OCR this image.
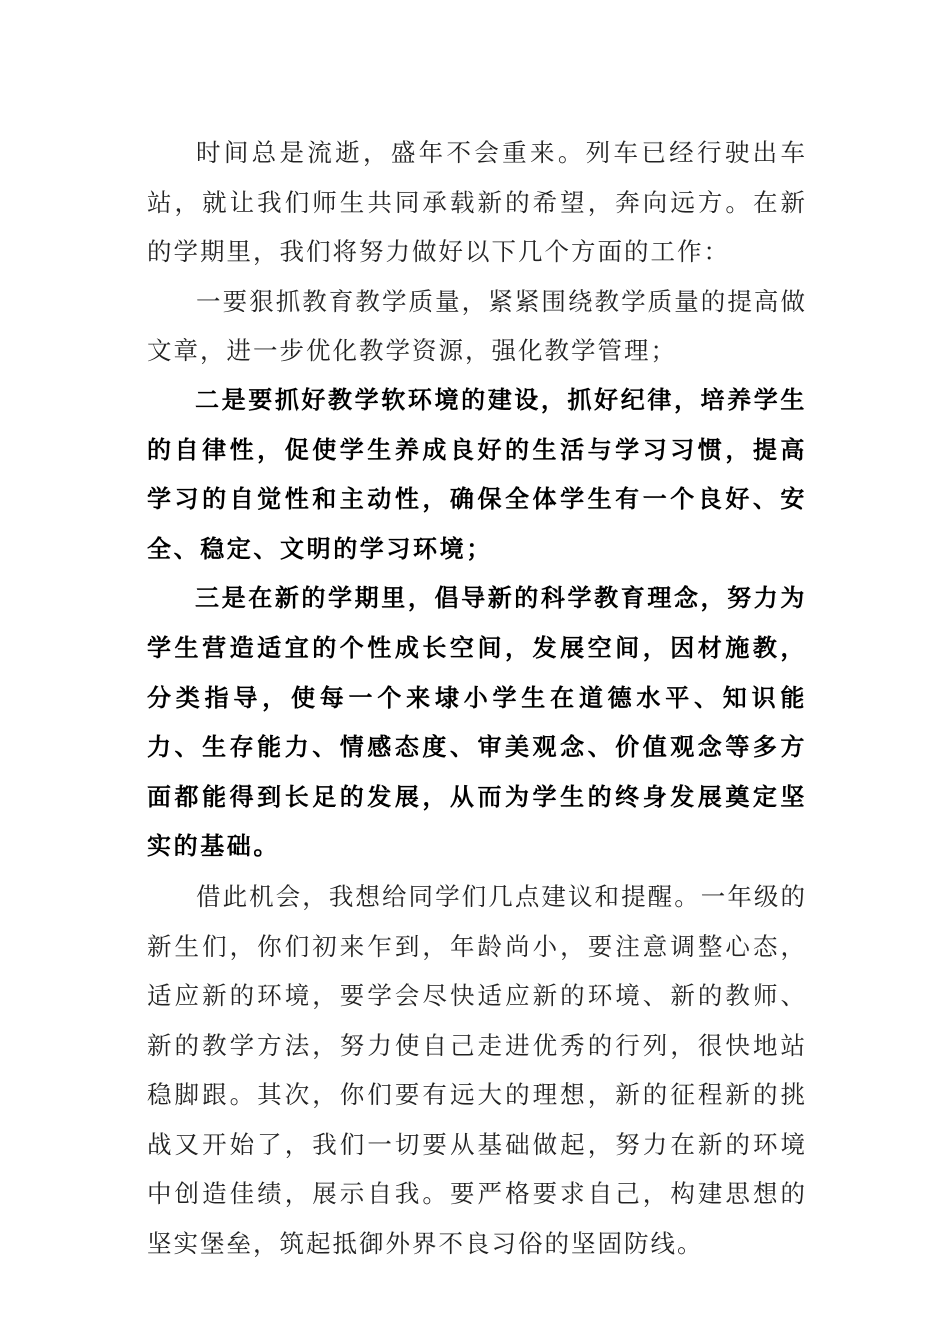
时间总是流逝，盛年不会重来。列车已经行驶出车站，就让我们师生共同承载新的希望，奔向远方。在新的学期里，我们将努力做好以下几个方面的工作：

一要狠抓教育教学质量，紧紧围绕教学质量的提高做文章，进一步优化教学资源，强化教学管理；

二是要抓好教学软环境的建设，抓好纪律，培养学生的自律性，促使学生养成良好的生活与学习习惯，提高学习的自觉性和主动性，确保全体学生有一个良好、安全、稳定、文明的学习环境；

三是在新的学期里，倡导新的科学教育理念，努力为学生营造适宜的个性成长空间，发展空间，因材施教，分类指导，使每一个来埭小学生在道德水平、知识能力、生存能力、情感态度、审美观念、价值观念等多方面都能得到长足的发展，从而为学生的终身发展奠定坚实的基础。

借此机会，我想给同学们几点建议和提醒。一年级的新生们，你们初来乍到，年龄尚小，要注意调整心态，适应新的环境，要学会尽快适应新的环境、新的教师、新的教学方法，努力使自己走进优秀的行列，很快地站稳脚跟。其次，你们要有远大的理想，新的征程新的挑战又开始了，我们一切要从基础做起，努力在新的环境中创造佳绩，展示自我。要严格要求自己，构建思想的坚实堡垒，筑起抵御外界不良习俗的坚固防线。
